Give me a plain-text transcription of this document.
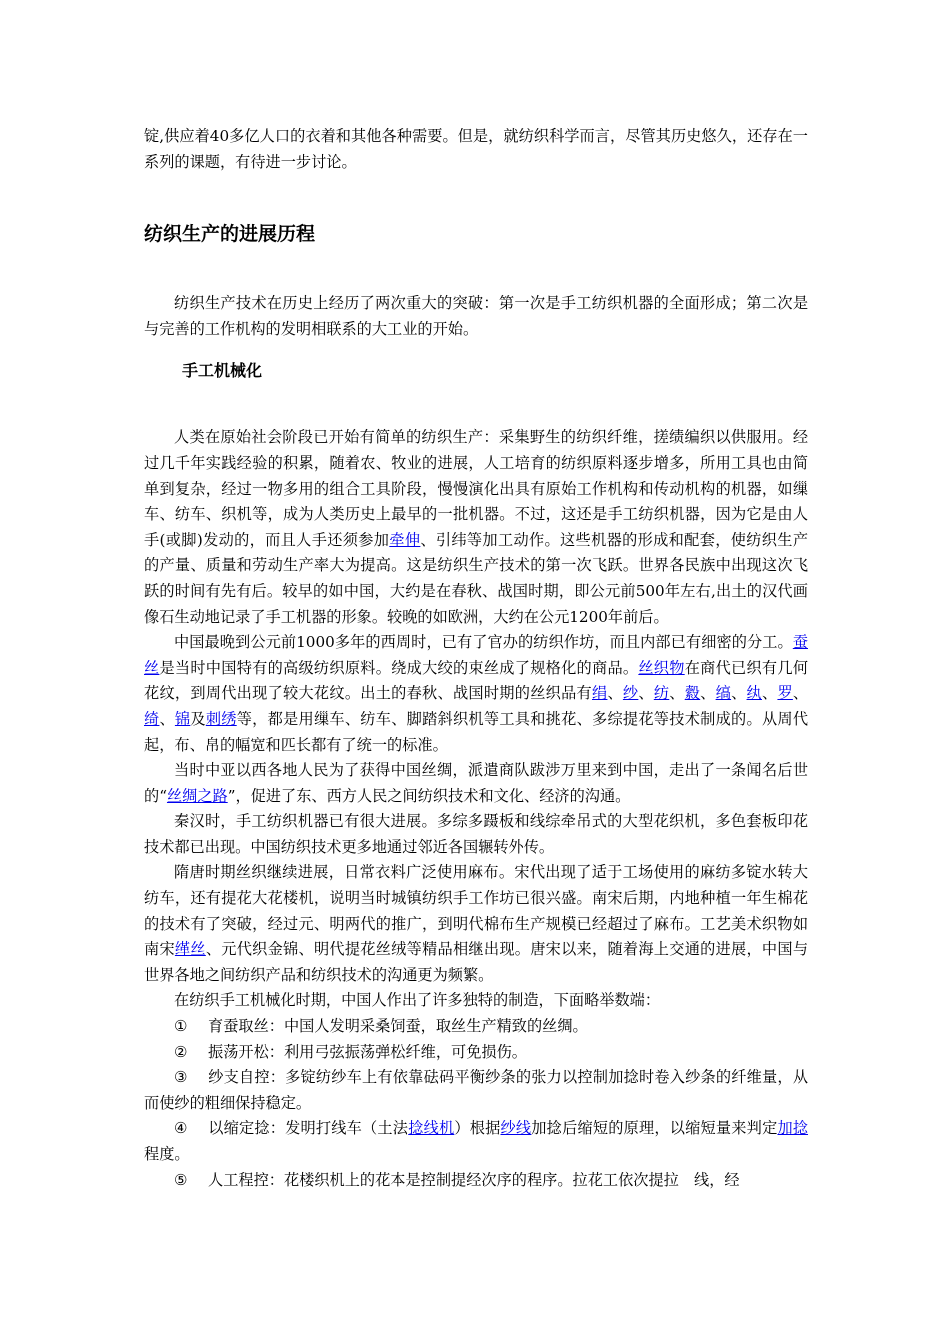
锭,供应着40多亿人口的衣着和其他各种需要。但是，就纺织科学而言，尽管其历史悠久，还存在一系列的课题，有待进一步讨论。

纺织生产的进展历程

纺织生产技术在历史上经历了两次重大的突破：第一次是手工纺织机器的全面形成；第二次是与完善的工作机构的发明相联系的大工业的开始。

手工机械化

人类在原始社会阶段已开始有简单的纺织生产：采集野生的纺织纤维，搓绩编织以供服用。经过几千年实践经验的积累，随着农、牧业的进展，人工培育的纺织原料逐步增多，所用工具也由简单到复杂，经过一物多用的组合工具阶段，慢慢演化出具有原始工作机构和传动机构的机器，如缫车、纺车、织机等，成为人类历史上最早的一批机器。不过，这还是手工纺织机器，因为它是由人手(或脚)发动的，而且人手还须参加牵伸、引纬等加工动作。这些机器的形成和配套，使纺织生产的产量、质量和劳动生产率大为提高。这是纺织生产技术的第一次飞跃。世界各民族中出现这次飞跃的时间有先有后。较早的如中国，大约是在春秋、战国时期，即公元前500年左右,出土的汉代画像石生动地记录了手工机器的形象。较晚的如欧洲，大约在公元1200年前后。

中国最晚到公元前1000多年的西周时，已有了官办的纺织作坊，而且内部已有细密的分工。蚕丝是当时中国特有的高级纺织原料。绕成大绞的束丝成了规格化的商品。丝织物在商代已织有几何花纹，到周代出现了较大花纹。出土的春秋、战国时期的丝织品有绢、纱、纺、縠、缟、纨、罗、绮、锦及刺绣等，都是用缫车、纺车、脚踏斜织机等工具和挑花、多综提花等技术制成的。从周代起，布、帛的幅宽和匹长都有了统一的标准。

当时中亚以西各地人民为了获得中国丝绸，派遣商队跋涉万里来到中国，走出了一条闻名后世的“丝绸之路”，促进了东、西方人民之间纺织技术和文化、经济的沟通。

秦汉时，手工纺织机器已有很大进展。多综多蹑板和线综牵吊式的大型花织机，多色套板印花技术都已出现。中国纺织技术更多地通过邻近各国辗转外传。

隋唐时期丝织继续进展，日常衣料广泛使用麻布。宋代出现了适于工场使用的麻纺多锭水转大纺车，还有提花大花楼机，说明当时城镇纺织手工作坊已很兴盛。南宋后期，内地种植一年生棉花的技术有了突破，经过元、明两代的推广，到明代棉布生产规模已经超过了麻布。工艺美术织物如南宋缂丝、元代织金锦、明代提花丝绒等精品相继出现。唐宋以来，随着海上交通的进展，中国与世界各地之间纺织产品和纺织技术的沟通更为频繁。

在纺织手工机械化时期，中国人作出了许多独特的制造，下面略举数端：

① 育蚕取丝：中国人发明采桑饲蚕，取丝生产精致的丝绸。

② 振荡开松：利用弓弦振荡弹松纤维，可免损伤。

③ 纱支自控：多锭纺纱车上有依靠砝码平衡纱条的张力以控制加捻时卷入纱条的纤维量，从而使纱的粗细保持稳定。

④ 以缩定捻：发明打线车（土法捻线机）根据纱线加捻后缩短的原理，以缩短量来判定加捻程度。

⑤ 人工程控：花楼织机上的花本是控制提经次序的程序。拉花工依次提拉　线，经
